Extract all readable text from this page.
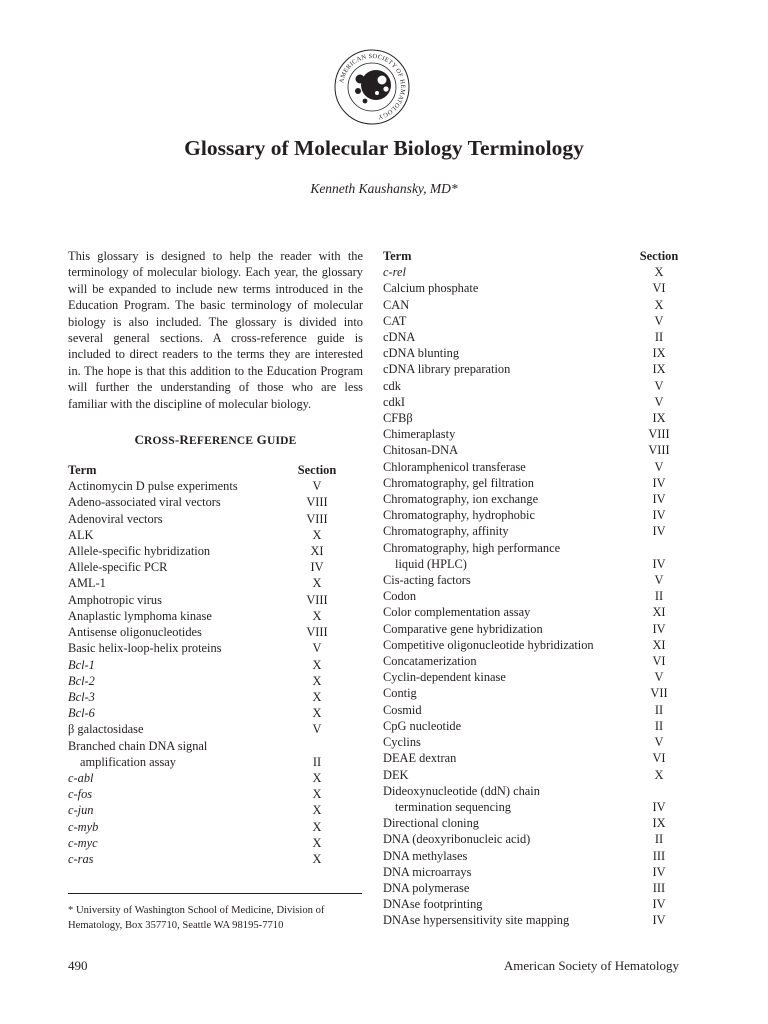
AMERICAN SOCIETY OF HEMATOLOGY
Glossary of Molecular Biology Terminology
Kenneth Kaushansky, MD*

This glossary is designed to help the reader with the terminology of molecular biology. Each year, the glossary will be expanded to include new terms introduced in the Education Program. The basic terminology of molecular biology is also included. The glossary is divided into several general sections. A cross-reference guide is included to direct readers to the terms they are interested in. The hope is that this addition to the Education Program will further the understanding of those who are less familiar with the discipline of molecular biology.

CROSS-REFERENCE GUIDE
Term	Section
Actinomycin D pulse experiments	V
Adeno-associated viral vectors	VIII
Adenoviral vectors	VIII
ALK	X
Allele-specific hybridization	XI
Allele-specific PCR	IV
AML-1	X
Amphotropic virus	VIII
Anaplastic lymphoma kinase	X
Antisense oligonucleotides	VIII
Basic helix-loop-helix proteins	V
Bcl-1	X
Bcl-2	X
Bcl-3	X
Bcl-6	X
β galactosidase	V
Branched chain DNA signal	
amplification assay	II
c-abl	X
c-fos	X
c-jun	X
c-myb	X
c-myc	X
c-ras	X
Term	Section
c-rel	X
Calcium phosphate	VI
CAN	X
CAT	V
cDNA	II
cDNA blunting	IX
cDNA library preparation	IX
cdk	V
cdkI	V
CFBβ	IX
Chimeraplasty	VIII
Chitosan-DNA	VIII
Chloramphenicol transferase	V
Chromatography, gel filtration	IV
Chromatography, ion exchange	IV
Chromatography, hydrophobic	IV
Chromatography, affinity	IV
Chromatography, high performance	
liquid (HPLC)	IV
Cis-acting factors	V
Codon	II
Color complementation assay	XI
Comparative gene hybridization	IV
Competitive oligonucleotide hybridization	XI
Concatamerization	VI
Cyclin-dependent kinase	V
Contig	VII
Cosmid	II
CpG nucleotide	II
Cyclins	V
DEAE dextran	VI
DEK	X
Dideoxynucleotide (ddN) chain	
termination sequencing	IV
Directional cloning	IX
DNA (deoxyribonucleic acid)	II
DNA methylases	III
DNA microarrays	IV
DNA polymerase	III
DNAse footprinting	IV
DNAse hypersensitivity site mapping	IV
* University of Washington School of Medicine, Division of Hematology, Box 357710, Seattle WA 98195-7710
490	American Society of Hematology
